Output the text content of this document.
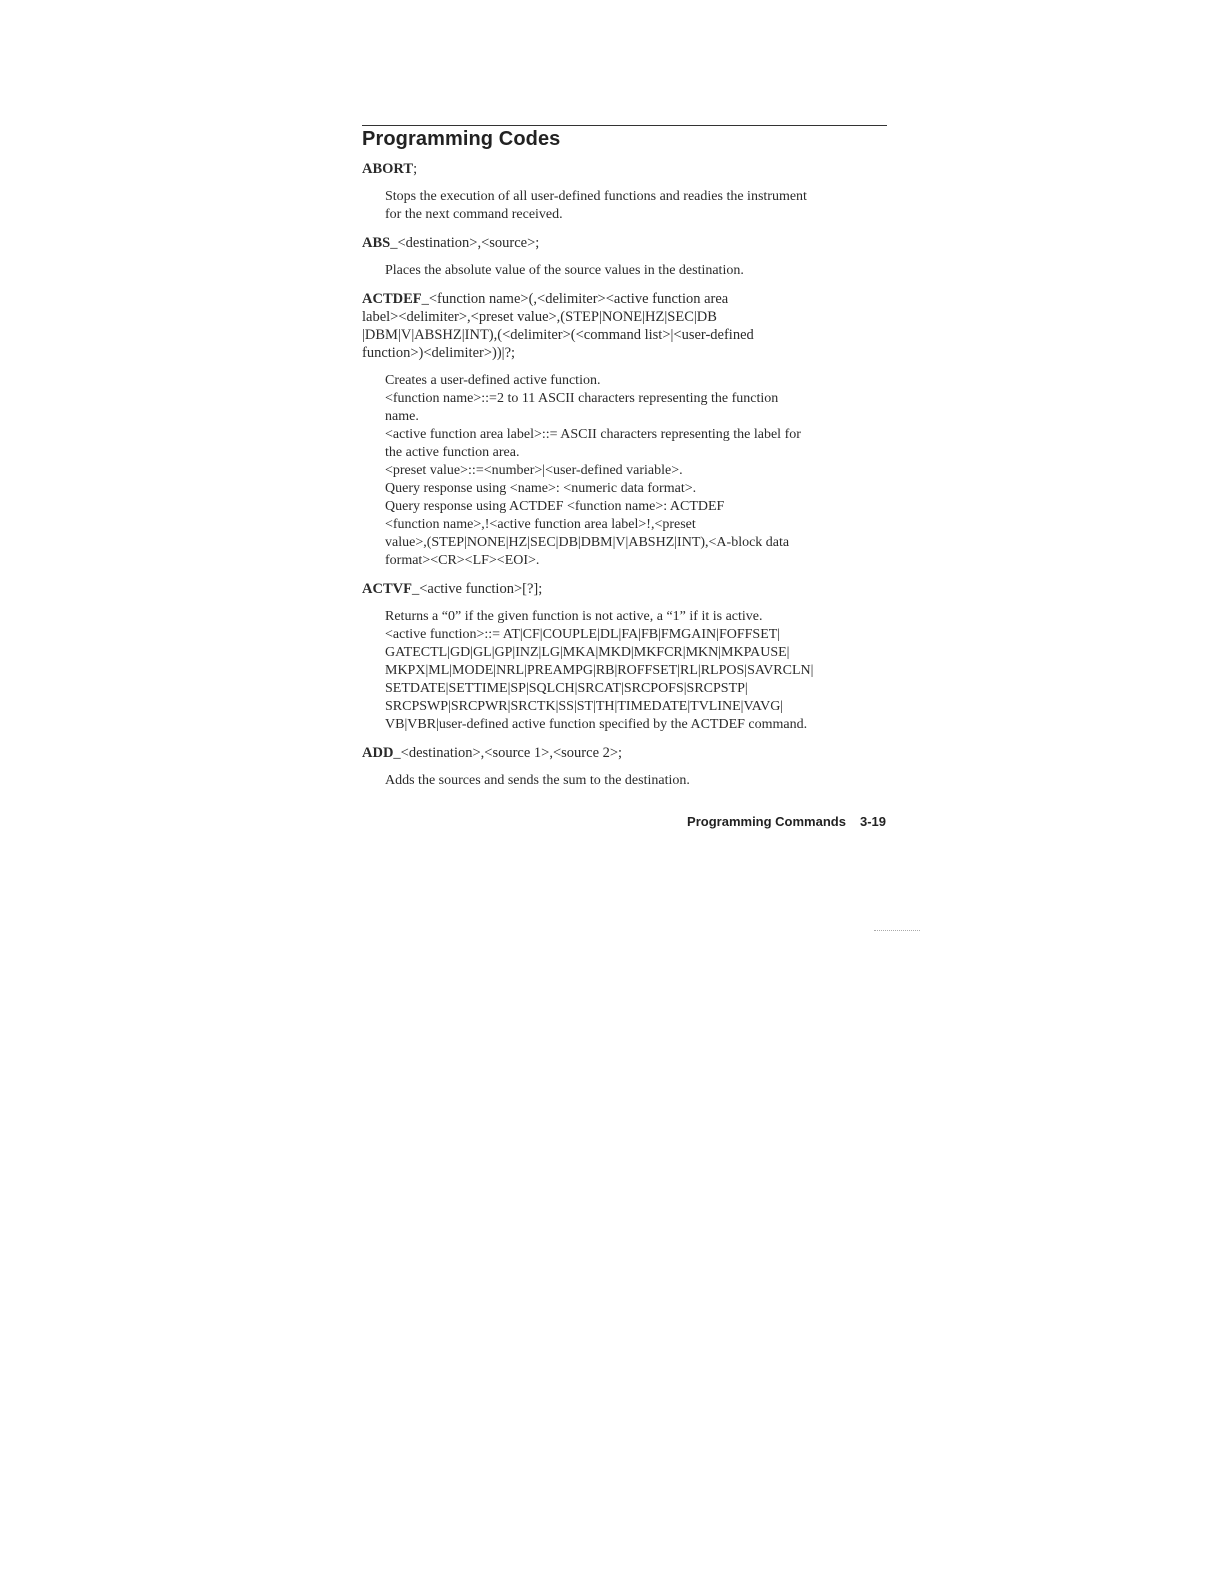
Programming Codes

ABORT;

Stops the execution of all user-defined functions and readies the instrument

for the next command received.

ABS_<destination>,<source>;

Places the absolute value of the source values in the destination.

ACTDEF_<function name>(,<delimiter><active function area
label><delimiter>,<preset value>,(STEP|NONE|HZ|SEC|DB
|DBM|V|ABSHZ|INT),(<delimiter>(<command list>|<user-defined
function>)<delimiter>))|?;

Creates a user-defined active function.

<function name>::=2 to 11 ASCII characters representing the function

name.

<active function area label>::= ASCII characters representing the label for

the active function area.

<preset value>::=<number>|<user-defined variable>.

Query response using <name>: <numeric data format>.

Query response using ACTDEF <function name>: ACTDEF

<function name>,!<active function area label>!,<preset

value>,(STEP|NONE|HZ|SEC|DB|DBM|V|ABSHZ|INT),<A-block data

format><CR><LF><EOI>.

ACTVF_<active function>[?];

Returns a “0” if the given function is not active, a “1” if it is active.

<active function>::= AT|CF|COUPLE|DL|FA|FB|FMGAIN|FOFFSET|

GATECTL|GD|GL|GP|INZ|LG|MKA|MKD|MKFCR|MKN|MKPAUSE|

MKPX|ML|MODE|NRL|PREAMPG|RB|ROFFSET|RL|RLPOS|SAVRCLN|

SETDATE|SETTIME|SP|SQLCH|SRCAT|SRCPOFS|SRCPSTP|

SRCPSWP|SRCPWR|SRCTK|SS|ST|TH|TIMEDATE|TVLINE|VAVG|

VB|VBR|user-defined active function specified by the ACTDEF command.

ADD_<destination>,<source 1>,<source 2>;

Adds the sources and sends the sum to the destination.

Programming Commands 3-19
